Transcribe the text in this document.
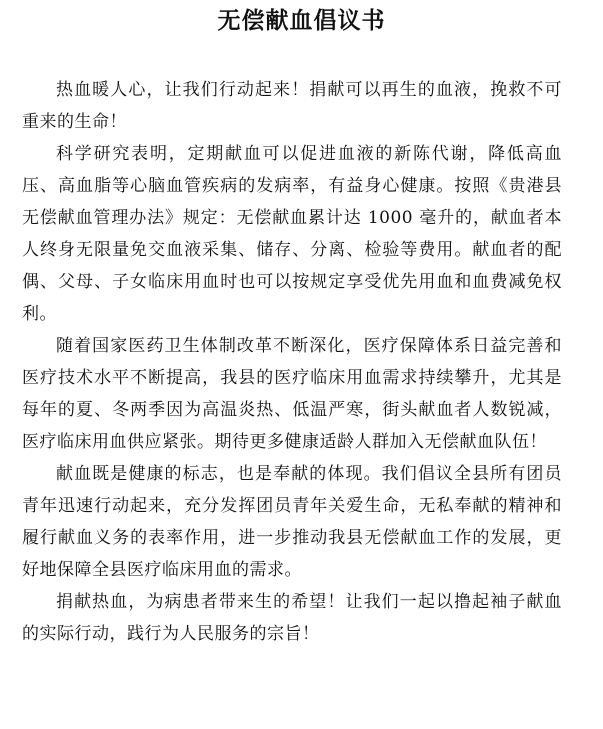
无偿献血倡议书

热血暖人心，让我们行动起来！捐献可以再生的血液，挽救不可重来的生命！

科学研究表明，定期献血可以促进血液的新陈代谢，降低高血压、高血脂等心脑血管疾病的发病率，有益身心健康。按照《贵港县无偿献血管理办法》规定：无偿献血累计达 1000 毫升的，献血者本人终身无限量免交血液采集、储存、分离、检验等费用。献血者的配偶、父母、子女临床用血时也可以按规定享受优先用血和血费减免权利。

随着国家医药卫生体制改革不断深化，医疗保障体系日益完善和医疗技术水平不断提高，我县的医疗临床用血需求持续攀升，尤其是每年的夏、冬两季因为高温炎热、低温严寒，街头献血者人数锐减，医疗临床用血供应紧张。期待更多健康适龄人群加入无偿献血队伍！

献血既是健康的标志，也是奉献的体现。我们倡议全县所有团员青年迅速行动起来，充分发挥团员青年关爱生命，无私奉献的精神和履行献血义务的表率作用，进一步推动我县无偿献血工作的发展，更好地保障全县医疗临床用血的需求。

捐献热血，为病患者带来生的希望！让我们一起以撸起袖子献血的实际行动，践行为人民服务的宗旨！
